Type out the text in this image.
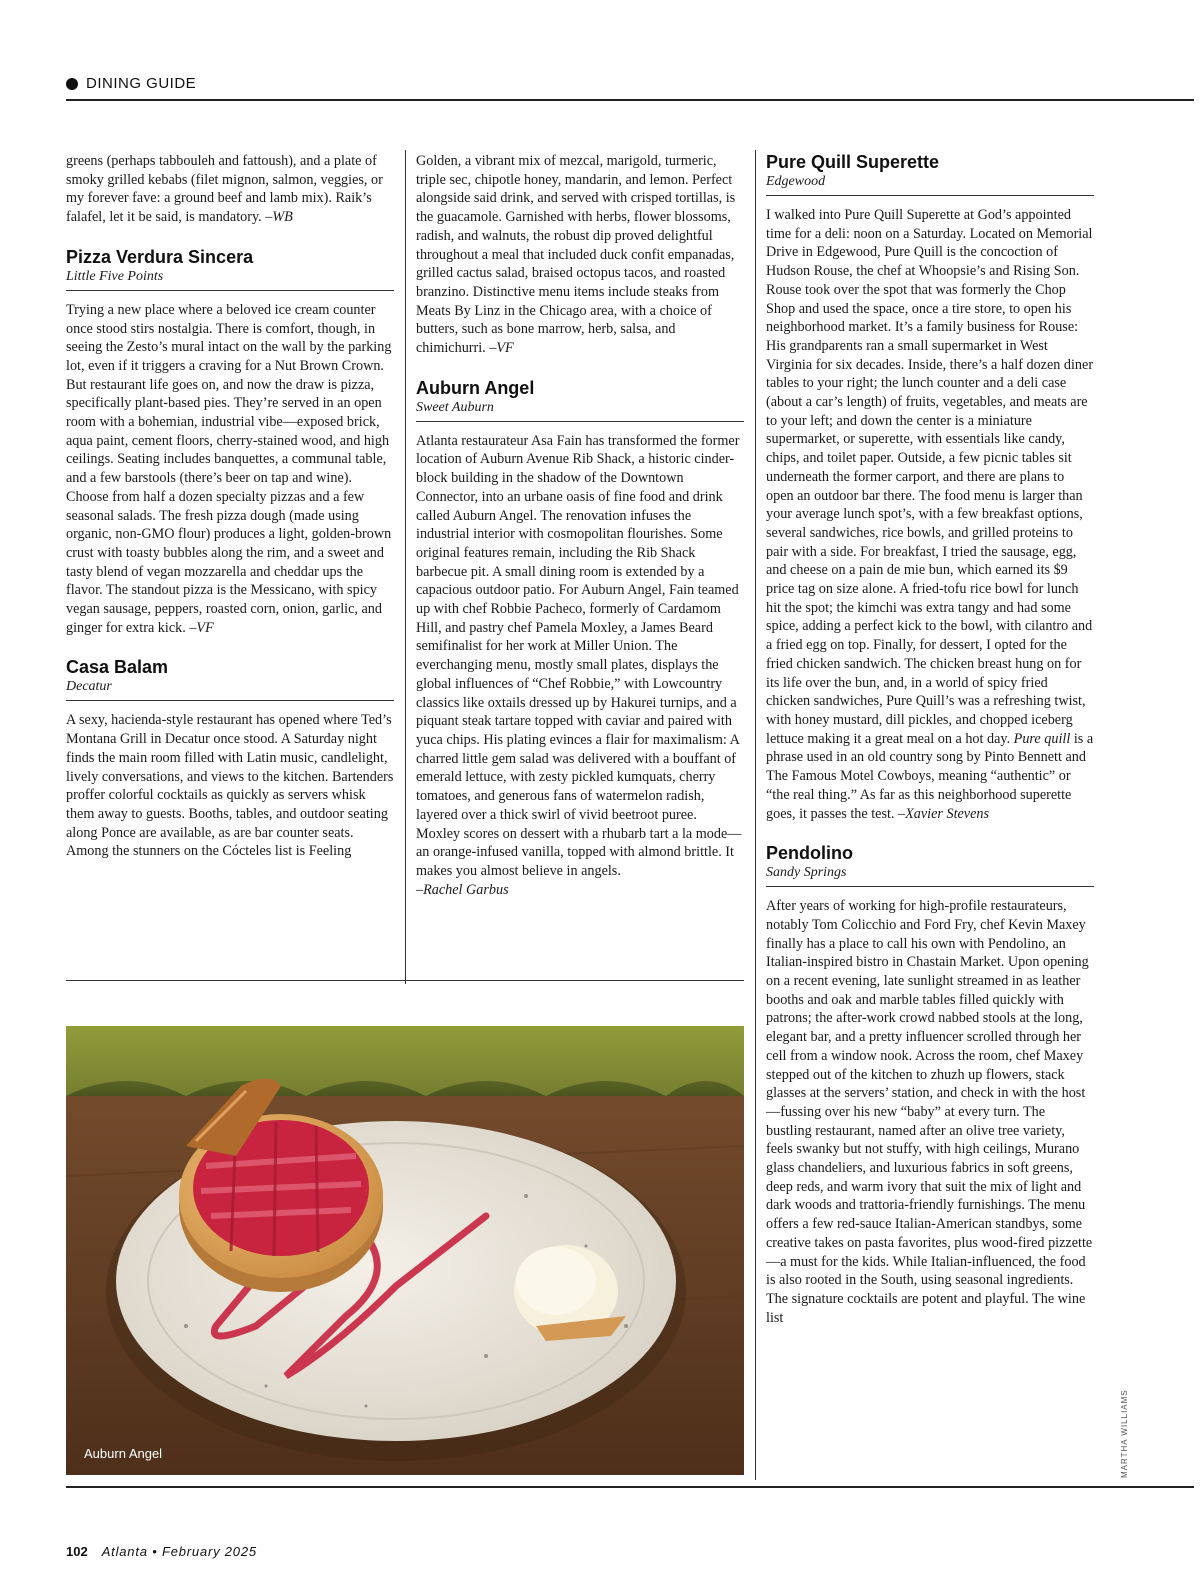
DINING GUIDE

greens (perhaps tabbouleh and fattoush), and a plate of smoky grilled kebabs (filet mignon, salmon, veggies, or my forever fave: a ground beef and lamb mix). Raik’s falafel, let it be said, is mandatory. –WB

Pizza Verdura Sincera
Little Five Points

Trying a new place where a beloved ice cream counter once stood stirs nostalgia. There is comfort, though, in seeing the Zesto’s mural intact on the wall by the parking lot, even if it triggers a craving for a Nut Brown Crown. But restaurant life goes on, and now the draw is pizza, specifically plant-based pies. They’re served in an open room with a bohemian, industrial vibe—exposed brick, aqua paint, cement floors, cherry-stained wood, and high ceilings. Seating includes banquettes, a communal table, and a few barstools (there’s beer on tap and wine). Choose from half a dozen specialty pizzas and a few seasonal salads. The fresh pizza dough (made using organic, non-GMO flour) produces a light, golden-brown crust with toasty bubbles along the rim, and a sweet and tasty blend of vegan mozzarella and cheddar ups the flavor. The standout pizza is the Messicano, with spicy vegan sausage, peppers, roasted corn, onion, garlic, and ginger for extra kick. –VF

Casa Balam
Decatur

A sexy, hacienda-style restaurant has opened where Ted’s Montana Grill in Decatur once stood. A Saturday night finds the main room filled with Latin music, candlelight, lively conversations, and views to the kitchen. Bartenders proffer colorful cocktails as quickly as servers whisk them away to guests. Booths, tables, and outdoor seating along Ponce are available, as are bar counter seats. Among the stunners on the Cócteles list is Feeling

Golden, a vibrant mix of mezcal, marigold, turmeric, triple sec, chipotle honey, mandarin, and lemon. Perfect alongside said drink, and served with crisped tortillas, is the guacamole. Garnished with herbs, flower blossoms, radish, and walnuts, the robust dip proved delightful throughout a meal that included duck confit empanadas, grilled cactus salad, braised octopus tacos, and roasted branzino. Distinctive menu items include steaks from Meats By Linz in the Chicago area, with a choice of butters, such as bone marrow, herb, salsa, and chimichurri. –VF

Auburn Angel
Sweet Auburn

Atlanta restaurateur Asa Fain has transformed the former location of Auburn Avenue Rib Shack, a historic cinder-block building in the shadow of the Downtown Connector, into an urbane oasis of fine food and drink called Auburn Angel. The renovation infuses the industrial interior with cosmopolitan flourishes. Some original features remain, including the Rib Shack barbecue pit. A small dining room is extended by a capacious outdoor patio. For Auburn Angel, Fain teamed up with chef Robbie Pacheco, formerly of Cardamom Hill, and pastry chef Pamela Moxley, a James Beard semifinalist for her work at Miller Union. The everchanging menu, mostly small plates, displays the global influences of “Chef Robbie,” with Lowcountry classics like oxtails dressed up by Hakurei turnips, and a piquant steak tartare topped with caviar and paired with yuca chips. His plating evinces a flair for maximalism: A charred little gem salad was delivered with a bouffant of emerald lettuce, with zesty pickled kumquats, cherry tomatoes, and generous fans of watermelon radish, layered over a thick swirl of vivid beetroot puree. Moxley scores on dessert with a rhubarb tart a la mode—an orange-infused vanilla, topped with almond brittle. It makes you almost believe in angels.
–Rachel Garbus

Pure Quill Superette
Edgewood

I walked into Pure Quill Superette at God’s appointed time for a deli: noon on a Saturday. Located on Memorial Drive in Edgewood, Pure Quill is the concoction of Hudson Rouse, the chef at Whoopsie’s and Rising Son. Rouse took over the spot that was formerly the Chop Shop and used the space, once a tire store, to open his neighborhood market. It’s a family business for Rouse: His grandparents ran a small supermarket in West Virginia for six decades. Inside, there’s a half dozen diner tables to your right; the lunch counter and a deli case (about a car’s length) of fruits, vegetables, and meats are to your left; and down the center is a miniature supermarket, or superette, with essentials like candy, chips, and toilet paper. Outside, a few picnic tables sit underneath the former carport, and there are plans to open an outdoor bar there. The food menu is larger than your average lunch spot’s, with a few breakfast options, several sandwiches, rice bowls, and grilled proteins to pair with a side. For breakfast, I tried the sausage, egg, and cheese on a pain de mie bun, which earned its $9 price tag on size alone. A fried-tofu rice bowl for lunch hit the spot; the kimchi was extra tangy and had some spice, adding a perfect kick to the bowl, with cilantro and a fried egg on top. Finally, for dessert, I opted for the fried chicken sandwich. The chicken breast hung on for its life over the bun, and, in a world of spicy fried chicken sandwiches, Pure Quill’s was a refreshing twist, with honey mustard, dill pickles, and chopped iceberg lettuce making it a great meal on a hot day. Pure quill is a phrase used in an old country song by Pinto Bennett and The Famous Motel Cowboys, meaning “authentic” or “the real thing.” As far as this neighborhood superette goes, it passes the test. –Xavier Stevens

Pendolino
Sandy Springs

After years of working for high-profile restaurateurs, notably Tom Colicchio and Ford Fry, chef Kevin Maxey finally has a place to call his own with Pendolino, an Italian-inspired bistro in Chastain Market. Upon opening on a recent evening, late sunlight streamed in as leather booths and oak and marble tables filled quickly with patrons; the after-work crowd nabbed stools at the long, elegant bar, and a pretty influencer scrolled through her cell from a window nook. Across the room, chef Maxey stepped out of the kitchen to zhuzh up flowers, stack glasses at the servers’ station, and check in with the host—fussing over his new “baby” at every turn. The bustling restaurant, named after an olive tree variety, feels swanky but not stuffy, with high ceilings, Murano glass chandeliers, and luxurious fabrics in soft greens, deep reds, and warm ivory that suit the mix of light and dark woods and trattoria-friendly furnishings. The menu offers a few red-sauce Italian-American standbys, some creative takes on pasta favorites, plus wood-fired pizzette—a must for the kids. While Italian-influenced, the food is also rooted in the South, using seasonal ingredients. The signature cocktails are potent and playful. The wine list

Auburn Angel	MARTHA WILLIAMS
102 Atlanta • February 2025
